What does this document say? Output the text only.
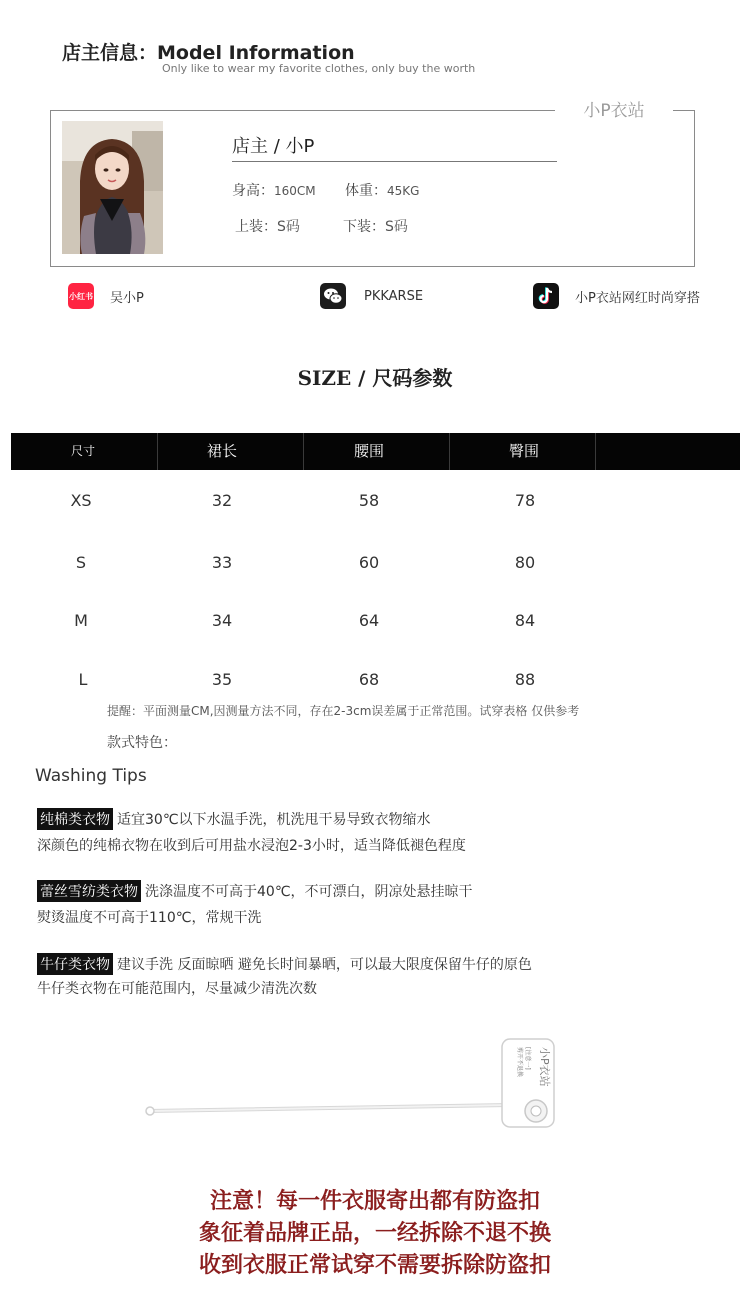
店主信息：Model Information
Only like to wear my favorite clothes, only buy the worth
小P衣站
店主 / 小P
身高：160CM 体重：45KG
上装：S码	下装：S码
小红书 吴小P	PKKARSE	小P衣站网红时尚穿搭
SIZE / 尺码参数
尺寸	裙长	腰围	臀围
XS	32	58	78
S	33	60	80
M	34	64	84
L	35	68	88
提醒：平面测量CM,因测量方法不同，存在2-3cm误差属于正常范围。试穿表格 仅供参考
款式特色：
Washing Tips
纯棉类衣物 适宜30℃以下水温手洗，机洗甩干易导致衣物缩水
深颜色的纯棉衣物在收到后可用盐水浸泡2-3小时，适当降低褪色程度
蕾丝雪纺类衣物 洗涤温度不可高于40℃，不可漂白，阴凉处悬挂晾干
熨烫温度不可高于110℃，常规干洗
牛仔类衣物 建议手洗 反面晾晒 避免长时间暴晒，可以最大限度保留牛仔的原色
牛仔类衣物在可能范围内，尽量减少清洗次数
小P衣站
[注意一]
剪开不退换
注意！每一件衣服寄出都有防盗扣
象征着品牌正品，一经拆除不退不换
收到衣服正常试穿不需要拆除防盗扣
